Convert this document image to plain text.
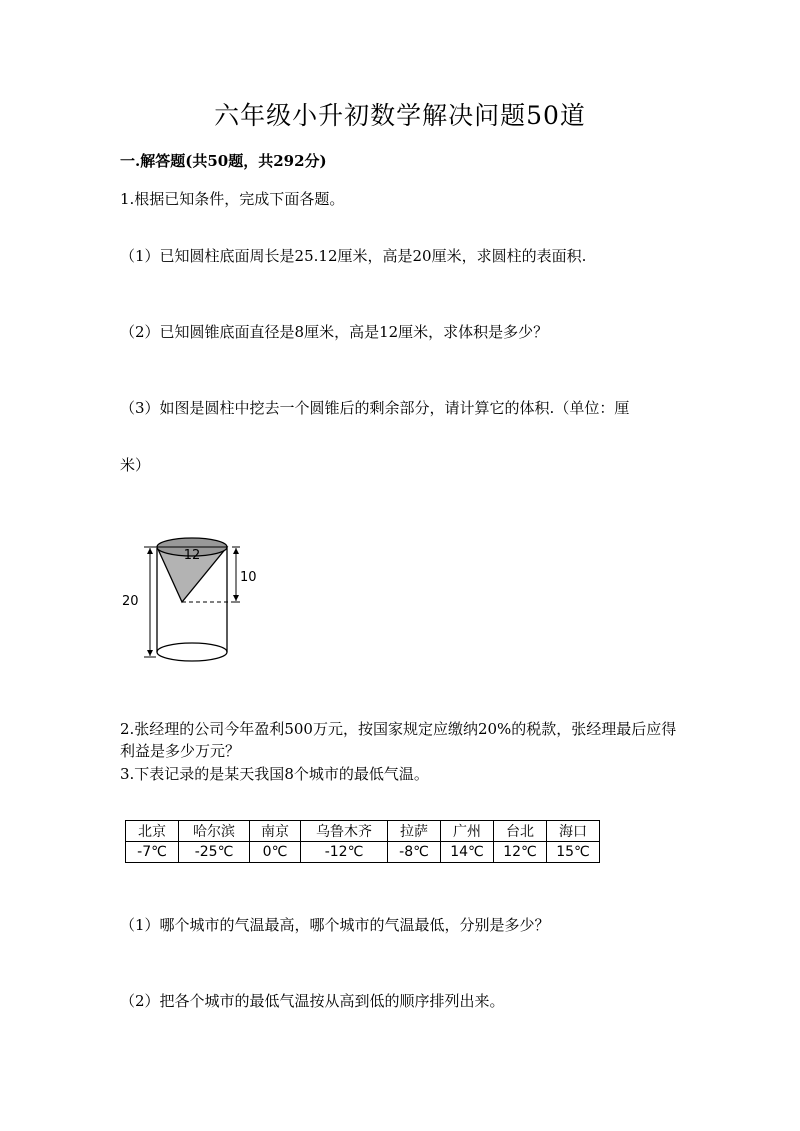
六年级小升初数学解决问题50道
一.解答题(共50题，共292分)
1.根据已知条件，完成下面各题。
（1）已知圆柱底面周长是25.12厘米，高是20厘米，求圆柱的表面积.
（2）已知圆锥底面直径是8厘米，高是12厘米，求体积是多少？
（3）如图是圆柱中挖去一个圆锥后的剩余部分，请计算它的体积.（单位：厘
米）
12
10
20
2.张经理的公司今年盈利500万元，按国家规定应缴纳20%的税款，张经理最后应得利益是多少万元？
3.下表记录的是某天我国8个城市的最低气温。
北京	哈尔滨	南京	乌鲁木齐	拉萨	广州	台北	海口
-7℃	-25℃	0℃	-12℃	-8℃	14℃	12℃	15℃
（1）哪个城市的气温最高，哪个城市的气温最低，分别是多少？
（2）把各个城市的最低气温按从高到低的顺序排列出来。
